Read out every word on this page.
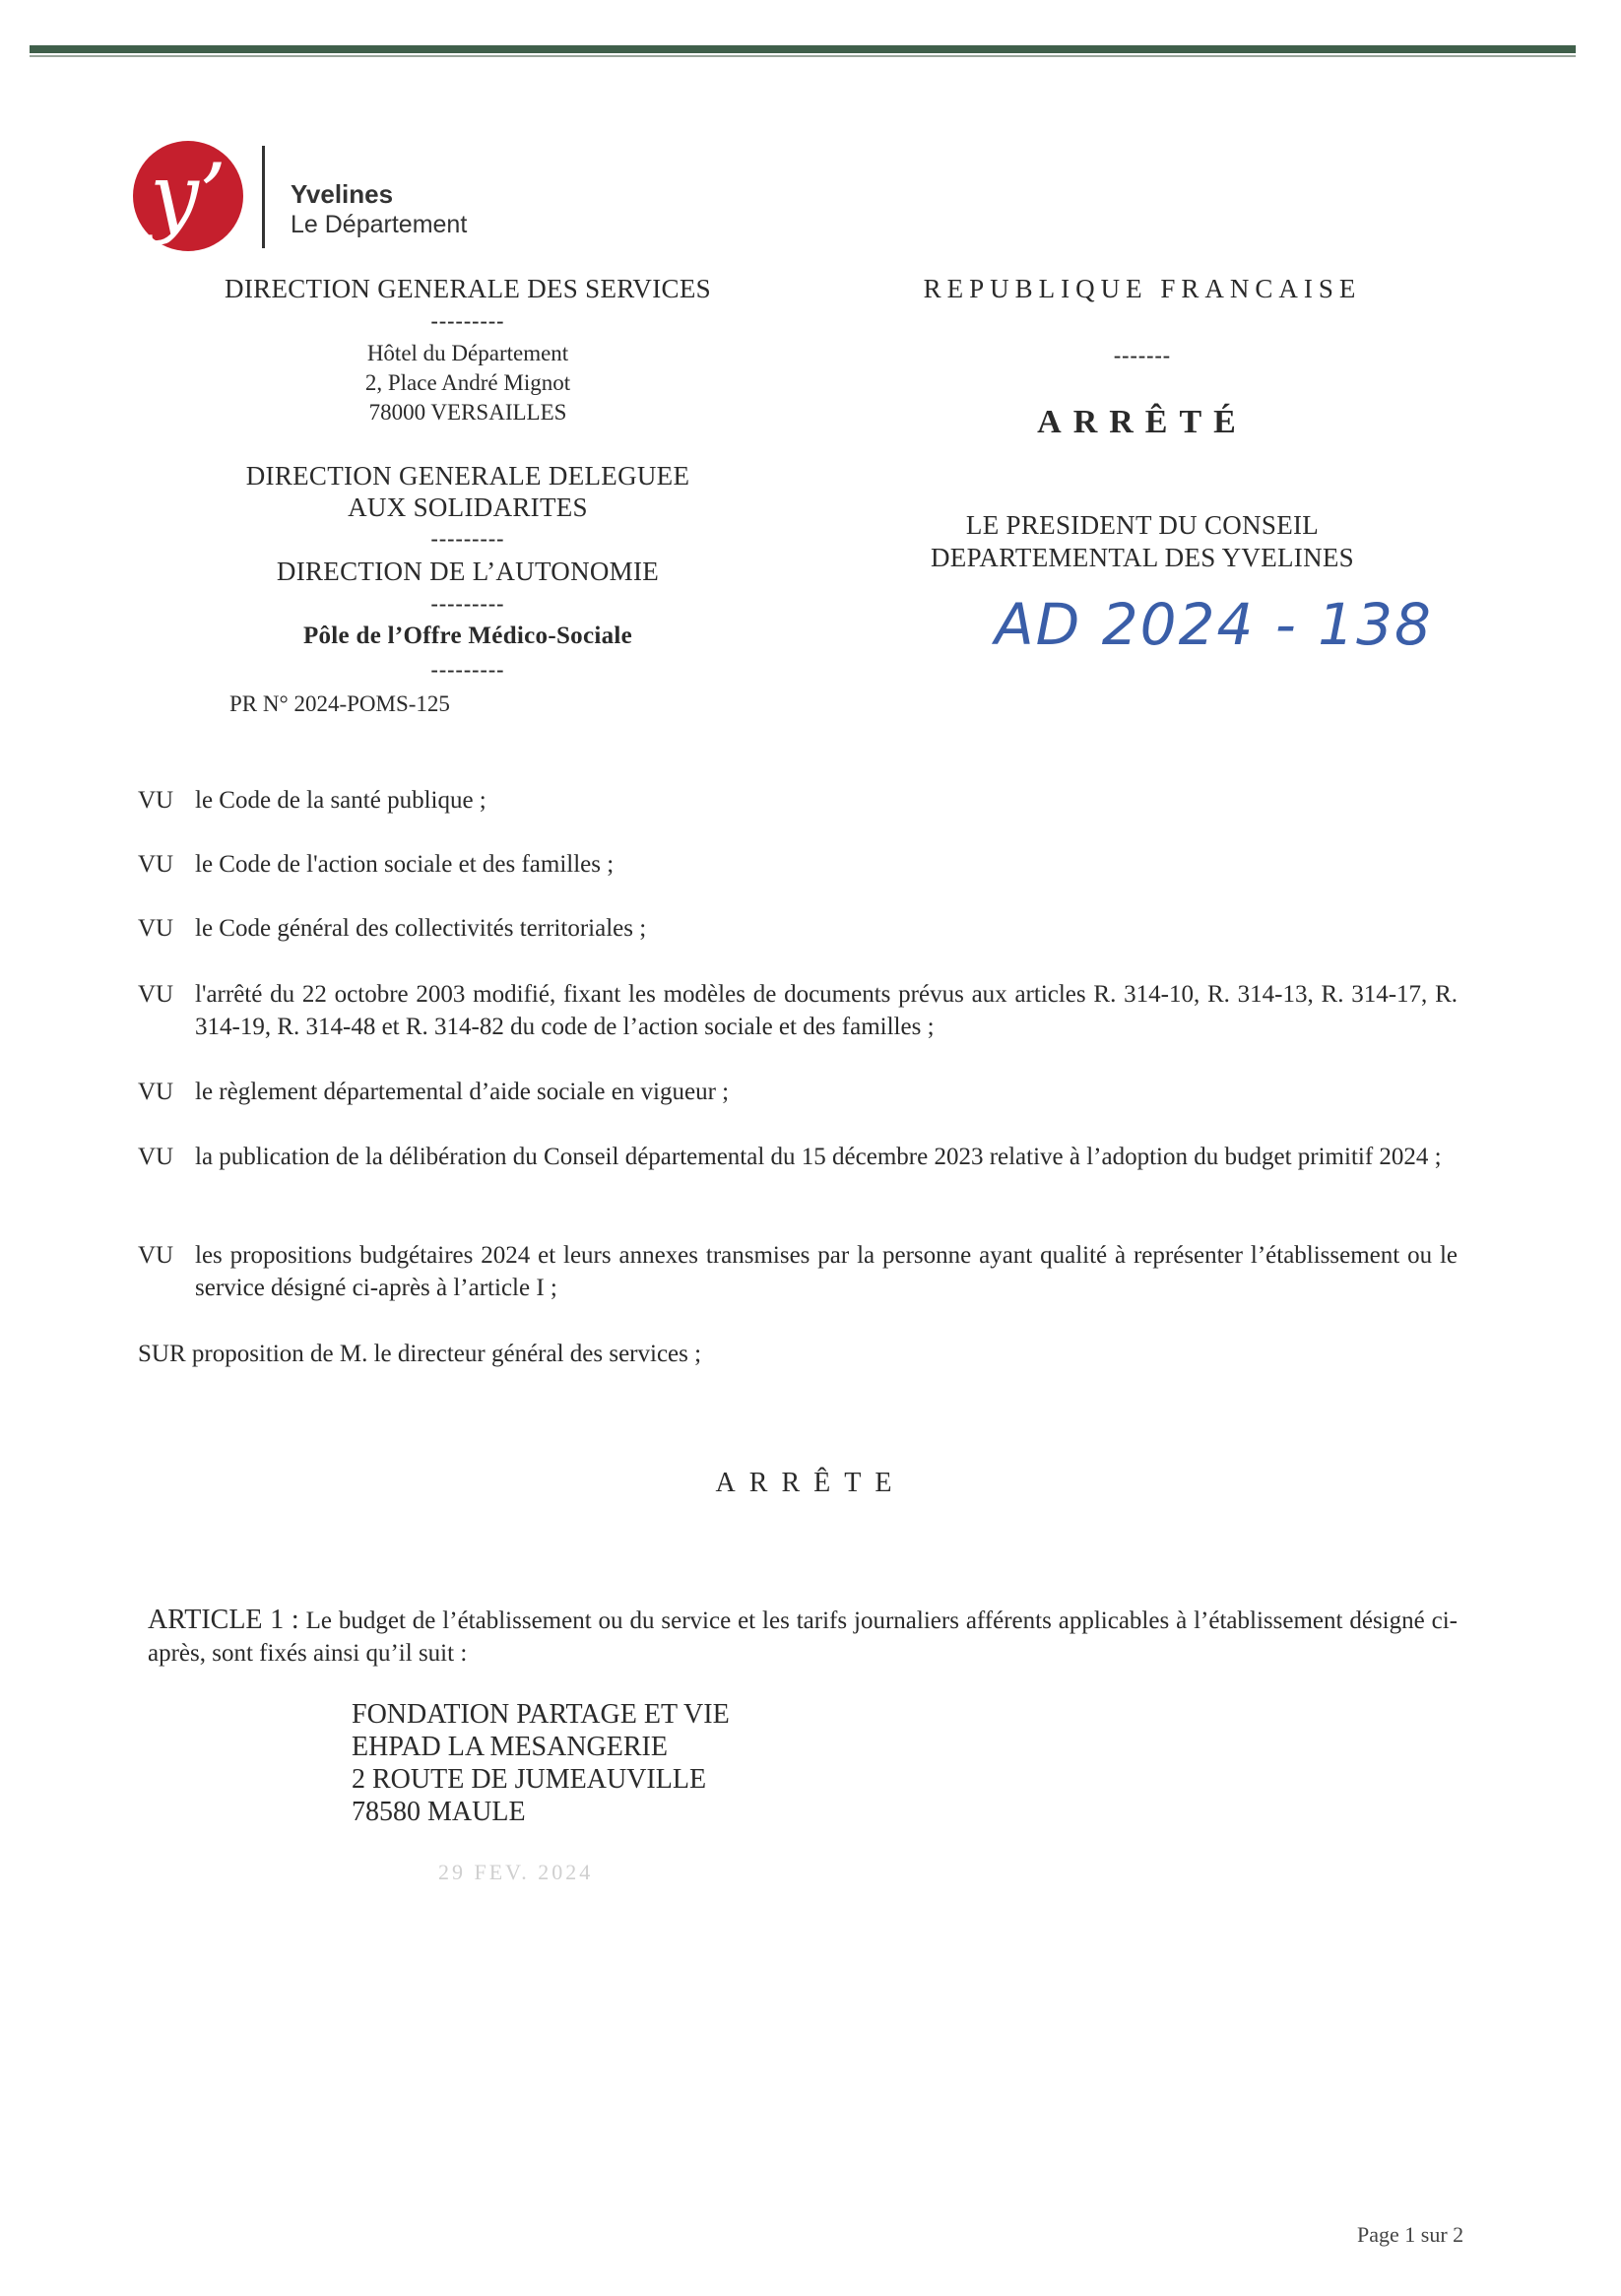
y’	Yvelines
Le Département
DIRECTION GENERALE DES SERVICES
---------
Hôtel du Département
2, Place André Mignot
78000 VERSAILLES
DIRECTION GENERALE DELEGUEE
AUX SOLIDARITES
---------
DIRECTION DE L’AUTONOMIE
---------
Pôle de l’Offre Médico-Sociale
---------
PR N° 2024-POMS-125
REPUBLIQUE FRANCAISE
-------
ARRÊTÉ
LE PRESIDENT DU CONSEIL
DEPARTEMENTAL DES YVELINES
AD 2024 - 138
VU le Code de la santé publique ;
VU le Code de l'action sociale et des familles ;
VU le Code général des collectivités territoriales ;
VU l'arrêté du 22 octobre 2003 modifié, fixant les modèles de documents prévus aux articles R. 314-10, R. 314-13, R. 314-17, R. 314-19, R. 314-48 et R. 314-82 du code de l’action sociale et des familles ;
VU le règlement départemental d’aide sociale en vigueur ;
VU la publication de la délibération du Conseil départemental du 15 décembre 2023 relative à l’adoption du budget primitif 2024 ;
VU les propositions budgétaires 2024 et leurs annexes transmises par la personne ayant qualité à représenter l’établissement ou le service désigné ci-après à l’article I ;
SUR proposition de M. le directeur général des services ;
ARRÊTE
ARTICLE 1 : Le budget de l’établissement ou du service et les tarifs journaliers afférents applicables à l’établissement désigné ci-après, sont fixés ainsi qu’il suit :
FONDATION PARTAGE ET VIE
EHPAD LA MESANGERIE
2 ROUTE DE JUMEAUVILLE
78580 MAULE
29 FEV. 2024
Page 1 sur 2
